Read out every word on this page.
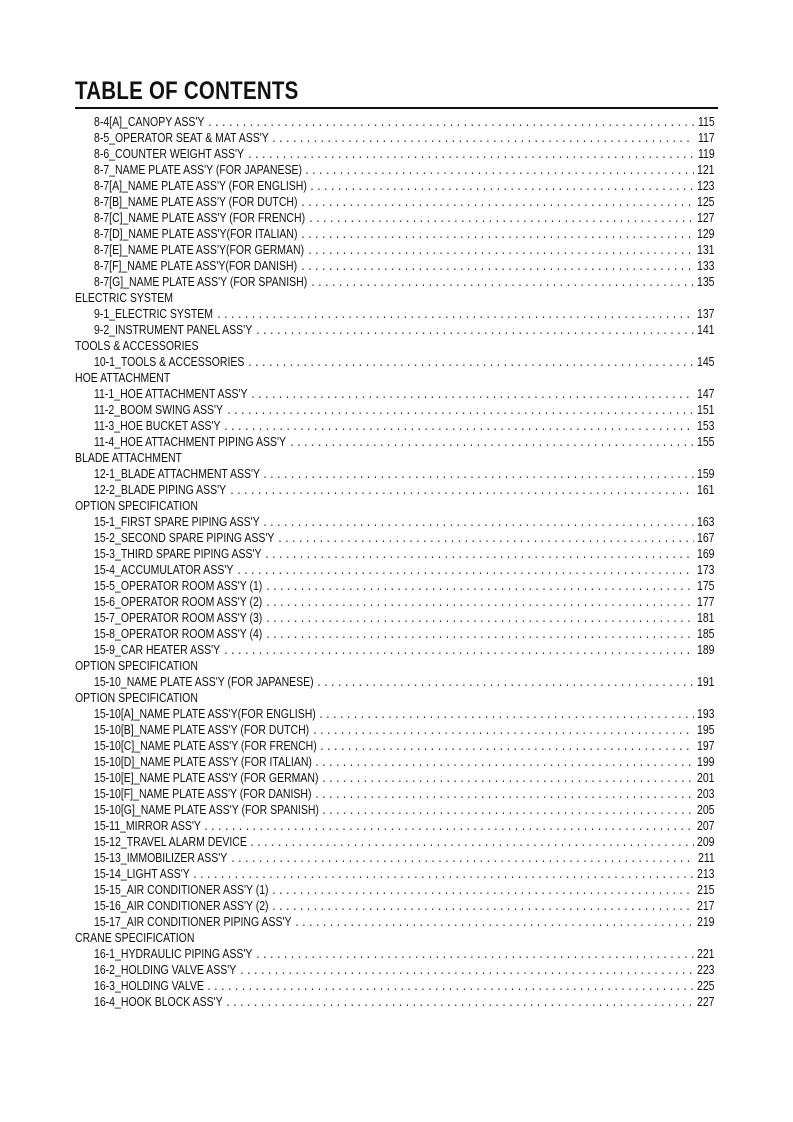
TABLE OF CONTENTS
8-4[A]_CANOPY ASS'Y .....	115
8-5_OPERATOR SEAT & MAT ASS'Y .....	117
8-6_COUNTER WEIGHT ASS'Y .....	119
8-7_NAME PLATE ASS'Y (FOR JAPANESE) .....	121
8-7[A]_NAME PLATE ASS'Y (FOR ENGLISH) .....	123
8-7[B]_NAME PLATE ASS'Y (FOR DUTCH) .....	125
8-7[C]_NAME PLATE ASS'Y (FOR FRENCH) .....	127
8-7[D]_NAME PLATE ASS'Y(FOR ITALIAN) .....	129
8-7[E]_NAME PLATE ASS'Y(FOR GERMAN) .....	131
8-7[F]_NAME PLATE ASS'Y(FOR DANISH) .....	133
8-7[G]_NAME PLATE ASS'Y (FOR SPANISH) .....	135
ELECTRIC SYSTEM
9-1_ELECTRIC SYSTEM .....	137
9-2_INSTRUMENT PANEL ASS'Y .....	141
TOOLS & ACCESSORIES
10-1_TOOLS & ACCESSORIES .....	145
HOE ATTACHMENT
11-1_HOE ATTACHMENT ASS'Y .....	147
11-2_BOOM SWING ASS'Y .....	151
11-3_HOE BUCKET ASS'Y .....	153
11-4_HOE ATTACHMENT PIPING ASS'Y .....	155
BLADE ATTACHMENT
12-1_BLADE ATTACHMENT ASS'Y .....	159
12-2_BLADE PIPING ASS'Y .....	161
OPTION SPECIFICATION
15-1_FIRST SPARE PIPING ASS'Y .....	163
15-2_SECOND SPARE PIPING ASS'Y .....	167
15-3_THIRD SPARE PIPING ASS'Y .....	169
15-4_ACCUMULATOR ASS'Y .....	173
15-5_OPERATOR ROOM ASS'Y (1) .....	175
15-6_OPERATOR ROOM ASS'Y (2) .....	177
15-7_OPERATOR ROOM ASS'Y (3) .....	181
15-8_OPERATOR ROOM ASS'Y (4) .....	185
15-9_CAR HEATER ASS'Y .....	189
OPTION SPECIFICATION
15-10_NAME PLATE ASS'Y (FOR JAPANESE) .....	191
OPTION SPECIFICATION
15-10[A]_NAME PLATE ASS'Y(FOR ENGLISH) .....	193
15-10[B]_NAME PLATE ASS'Y (FOR DUTCH) .....	195
15-10[C]_NAME PLATE ASS'Y (FOR FRENCH) .....	197
15-10[D]_NAME PLATE ASS'Y (FOR ITALIAN) .....	199
15-10[E]_NAME PLATE ASS'Y (FOR GERMAN) .....	201
15-10[F]_NAME PLATE ASS'Y (FOR DANISH) .....	203
15-10[G]_NAME PLATE ASS'Y (FOR SPANISH) .....	205
15-11_MIRROR ASS'Y .....	207
15-12_TRAVEL ALARM DEVICE .....	209
15-13_IMMOBILIZER ASS'Y .....	211
15-14_LIGHT ASS'Y .....	213
15-15_AIR CONDITIONER ASS'Y (1) .....	215
15-16_AIR CONDITIONER ASS'Y (2) .....	217
15-17_AIR CONDITIONER PIPING ASS'Y .....	219
CRANE SPECIFICATION
16-1_HYDRAULIC PIPING ASS'Y .....	221
16-2_HOLDING VALVE ASS'Y .....	223
16-3_HOLDING VALVE .....	225
16-4_HOOK BLOCK ASS'Y .....	227
